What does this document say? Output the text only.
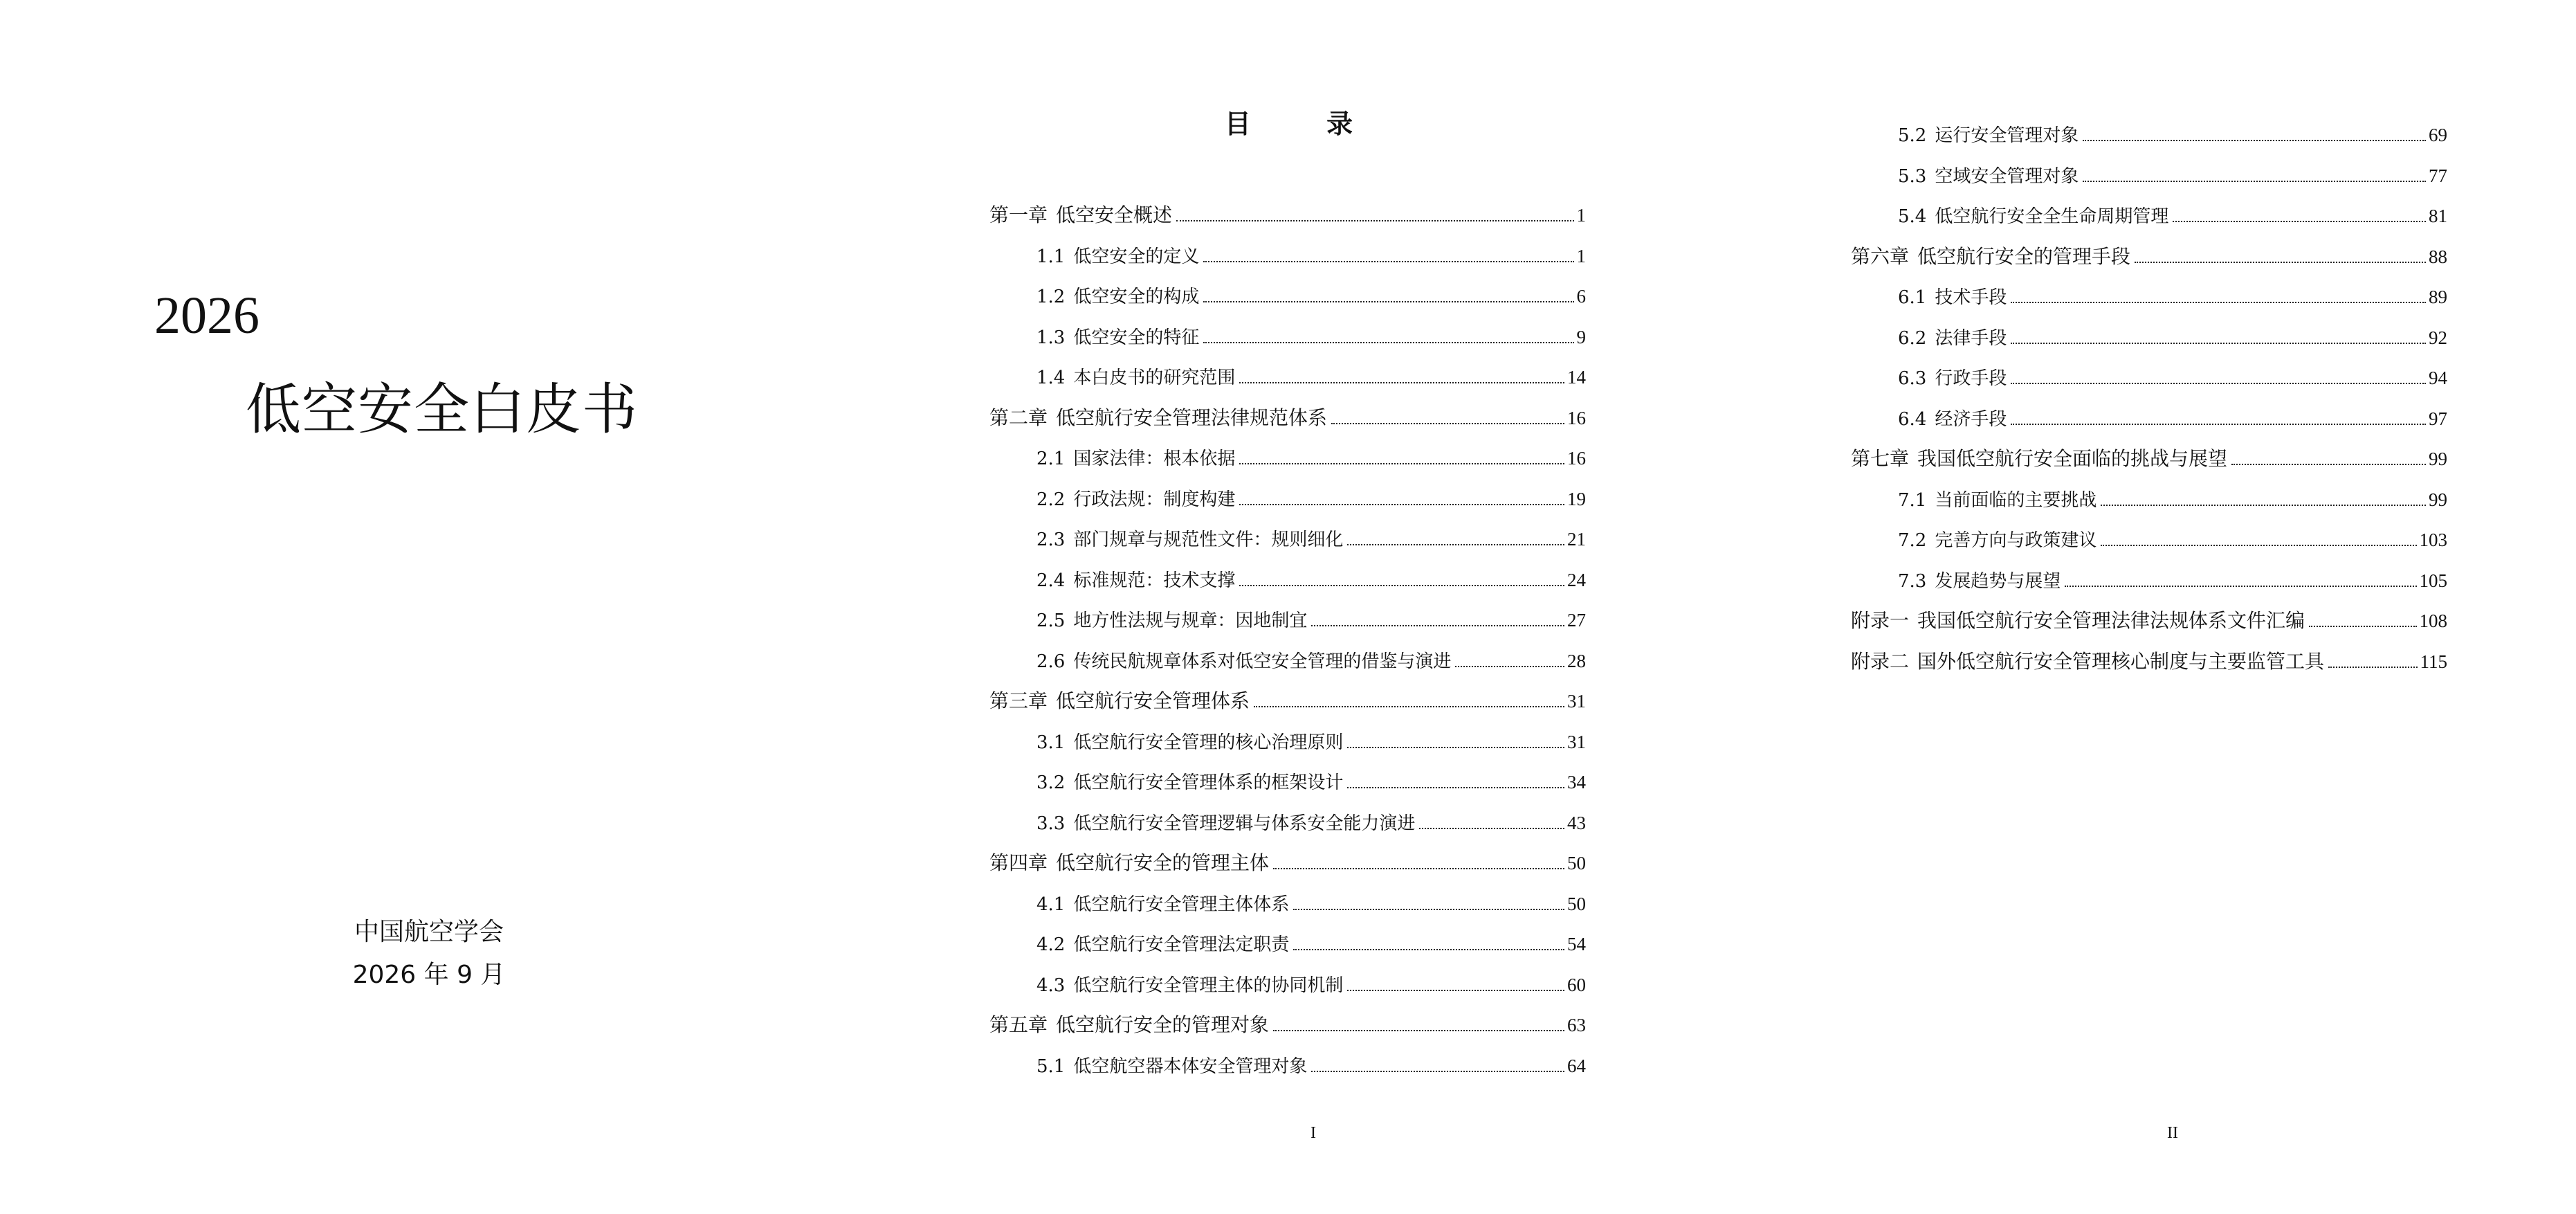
2026
低空安全白皮书
中国航空学会
2026 年 9 月
目 录
第一章 低空安全概述	1
1.1 低空安全的定义	1
1.2 低空安全的构成	6
1.3 低空安全的特征	9
1.4 本白皮书的研究范围	14
第二章 低空航行安全管理法律规范体系	16
2.1 国家法律：根本依据	16
2.2 行政法规：制度构建	19
2.3 部门规章与规范性文件：规则细化	21
2.4 标准规范：技术支撑	24
2.5 地方性法规与规章：因地制宜	27
2.6 传统民航规章体系对低空安全管理的借鉴与演进	28
第三章 低空航行安全管理体系	31
3.1 低空航行安全管理的核心治理原则	31
3.2 低空航行安全管理体系的框架设计	34
3.3 低空航行安全管理逻辑与体系安全能力演进	43
第四章 低空航行安全的管理主体	50
4.1 低空航行安全管理主体体系	50
4.2 低空航行安全管理法定职责	54
4.3 低空航行安全管理主体的协同机制	60
第五章 低空航行安全的管理对象	63
5.1 低空航空器本体安全管理对象	64
I
5.2 运行安全管理对象	69
5.3 空域安全管理对象	77
5.4 低空航行安全全生命周期管理	81
第六章 低空航行安全的管理手段	88
6.1 技术手段	89
6.2 法律手段	92
6.3 行政手段	94
6.4 经济手段	97
第七章 我国低空航行安全面临的挑战与展望	99
7.1 当前面临的主要挑战	99
7.2 完善方向与政策建议	103
7.3 发展趋势与展望	105
附录一 我国低空航行安全管理法律法规体系文件汇编	108
附录二 国外低空航行安全管理核心制度与主要监管工具	115
II
